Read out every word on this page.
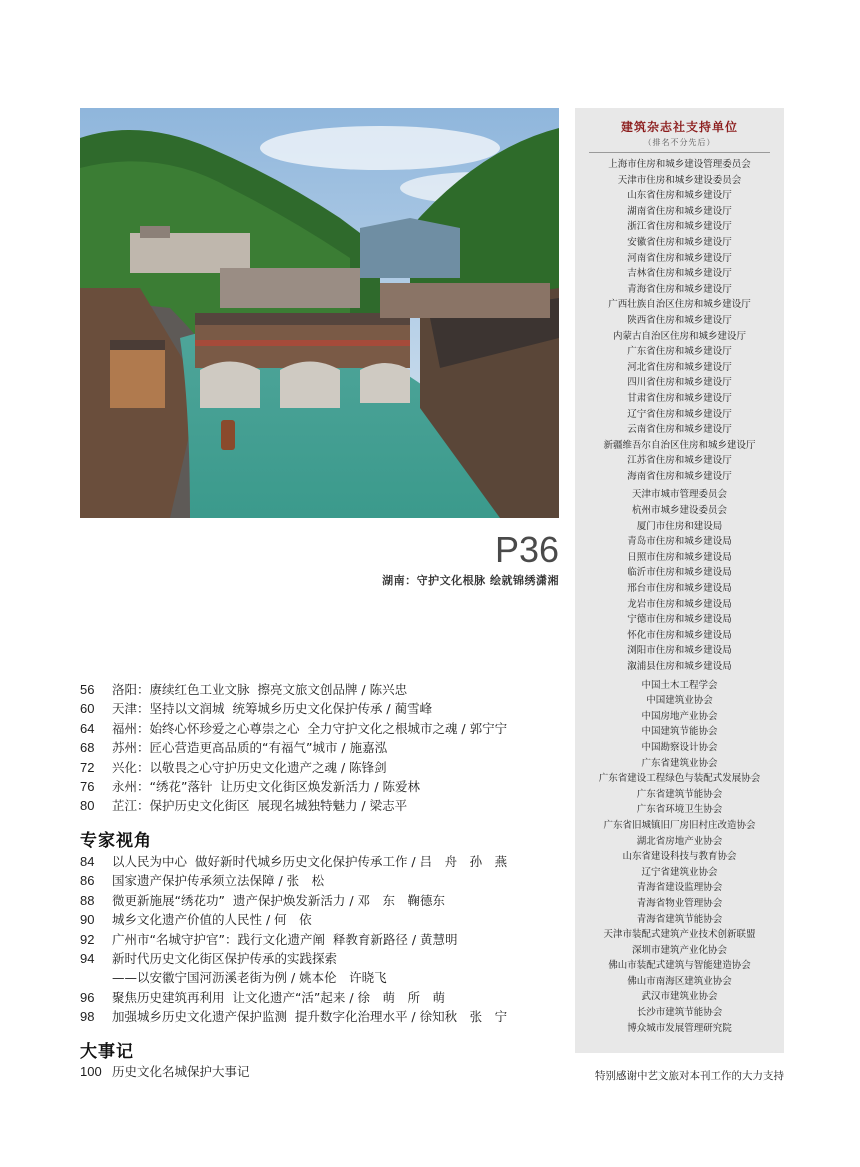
P36
湖南：守护文化根脉 绘就锦绣潇湘
56	洛阳：赓续红色工业文脉  擦亮文旅文创品牌 / 陈兴忠
60	天津：坚持以文润城  统筹城乡历史文化保护传承 / 蔺雪峰
64	福州：始终心怀珍爱之心尊崇之心  全力守护文化之根城市之魂 / 郭宁宁
68	苏州：匠心营造更高品质的“有福气”城市 / 施嘉泓
72	兴化：以敬畏之心守护历史文化遗产之魂 / 陈锋剑
76	永州：“绣花”落针  让历史文化街区焕发新活力 / 陈爱林
80	芷江：保护历史文化街区  展现名城独特魅力 / 梁志平
专家视角
84	以人民为中心  做好新时代城乡历史文化保护传承工作 / 吕　舟　孙　燕
86	国家遗产保护传承须立法保障 / 张　松
88	微更新施展“绣花功”  遗产保护焕发新活力 / 邓　东　鞠德东
90	城乡文化遗产价值的人民性 / 何　依
92	广州市“名城守护官”：践行文化遗产阐  释教育新路径 / 黄慧明
94	新时代历史文化街区保护传承的实践探索
——以安徽宁国河沥溪老街为例 / 姚本伦　许晓飞
96	聚焦历史建筑再利用  让文化遗产“活”起来 / 徐　萌　所　萌
98	加强城乡历史文化遗产保护监测  提升数字化治理水平 / 徐知秋　张　宁
大事记
100 历史文化名城保护大事记
建筑杂志社支持单位
（排名不分先后）
上海市住房和城乡建设管理委员会
天津市住房和城乡建设委员会
山东省住房和城乡建设厅
湖南省住房和城乡建设厅
浙江省住房和城乡建设厅
安徽省住房和城乡建设厅
河南省住房和城乡建设厅
吉林省住房和城乡建设厅
青海省住房和城乡建设厅
广西壮族自治区住房和城乡建设厅
陕西省住房和城乡建设厅
内蒙古自治区住房和城乡建设厅
广东省住房和城乡建设厅
河北省住房和城乡建设厅
四川省住房和城乡建设厅
甘肃省住房和城乡建设厅
辽宁省住房和城乡建设厅
云南省住房和城乡建设厅
新疆维吾尔自治区住房和城乡建设厅
江苏省住房和城乡建设厅
海南省住房和城乡建设厅
天津市城市管理委员会
杭州市城乡建设委员会
厦门市住房和建设局
青岛市住房和城乡建设局
日照市住房和城乡建设局
临沂市住房和城乡建设局
邢台市住房和城乡建设局
龙岩市住房和城乡建设局
宁德市住房和城乡建设局
怀化市住房和城乡建设局
浏阳市住房和城乡建设局
溆浦县住房和城乡建设局
中国土木工程学会
中国建筑业协会
中国房地产业协会
中国建筑节能协会
中国勘察设计协会
广东省建筑业协会
广东省建设工程绿色与装配式发展协会
广东省建筑节能协会
广东省环境卫生协会
广东省旧城镇旧厂房旧村庄改造协会
湖北省房地产业协会
山东省建设科技与教育协会
辽宁省建筑业协会
青海省建设监理协会
青海省物业管理协会
青海省建筑节能协会
天津市装配式建筑产业技术创新联盟
深圳市建筑产业化协会
佛山市装配式建筑与智能建造协会
佛山市南海区建筑业协会
武汉市建筑业协会
长沙市建筑节能协会
博众城市发展管理研究院
特别感谢中艺文旅对本刊工作的大力支持
